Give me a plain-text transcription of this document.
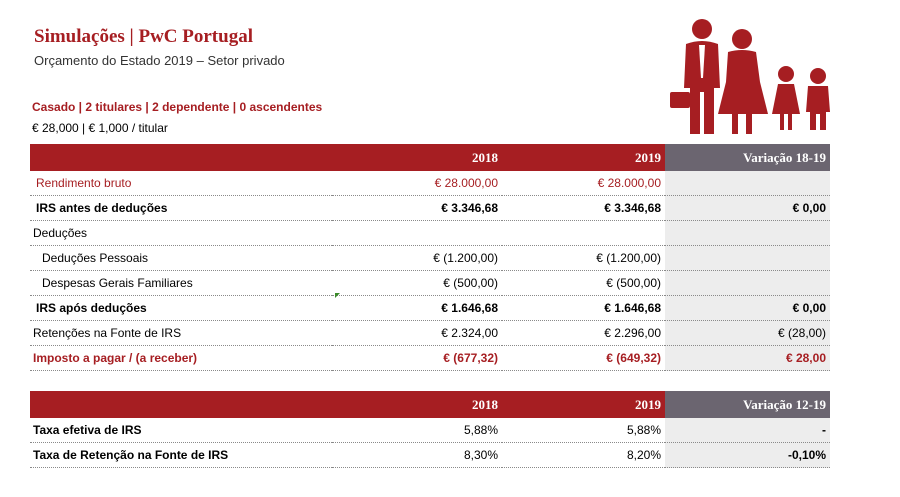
Simulações | PwC Portugal
Orçamento do Estado 2019 – Setor privado
Casado | 2 titulares | 2 dependente | 0 ascendentes
€ 28,000 | € 1,000 / titular
	2018	2019	Variação 18-19
Rendimento bruto	€ 28.000,00	€ 28.000,00	
IRS antes de deduções	€ 3.346,68	€ 3.346,68	€ 0,00
Deduções			
Deduções Pessoais	€ (1.200,00)	€ (1.200,00)	
Despesas Gerais Familiares	€ (500,00)	€ (500,00)	
IRS após deduções	€ 1.646,68	€ 1.646,68	€ 0,00
Retenções na Fonte de IRS	€ 2.324,00	€ 2.296,00	€ (28,00)
Imposto a pagar / (a receber)	€ (677,32)	€ (649,32)	€ 28,00
	2018	2019	Variação 12-19
Taxa efetiva de IRS	5,88%	5,88%	-
Taxa de Retenção na Fonte de IRS	8,30%	8,20%	-0,10%
